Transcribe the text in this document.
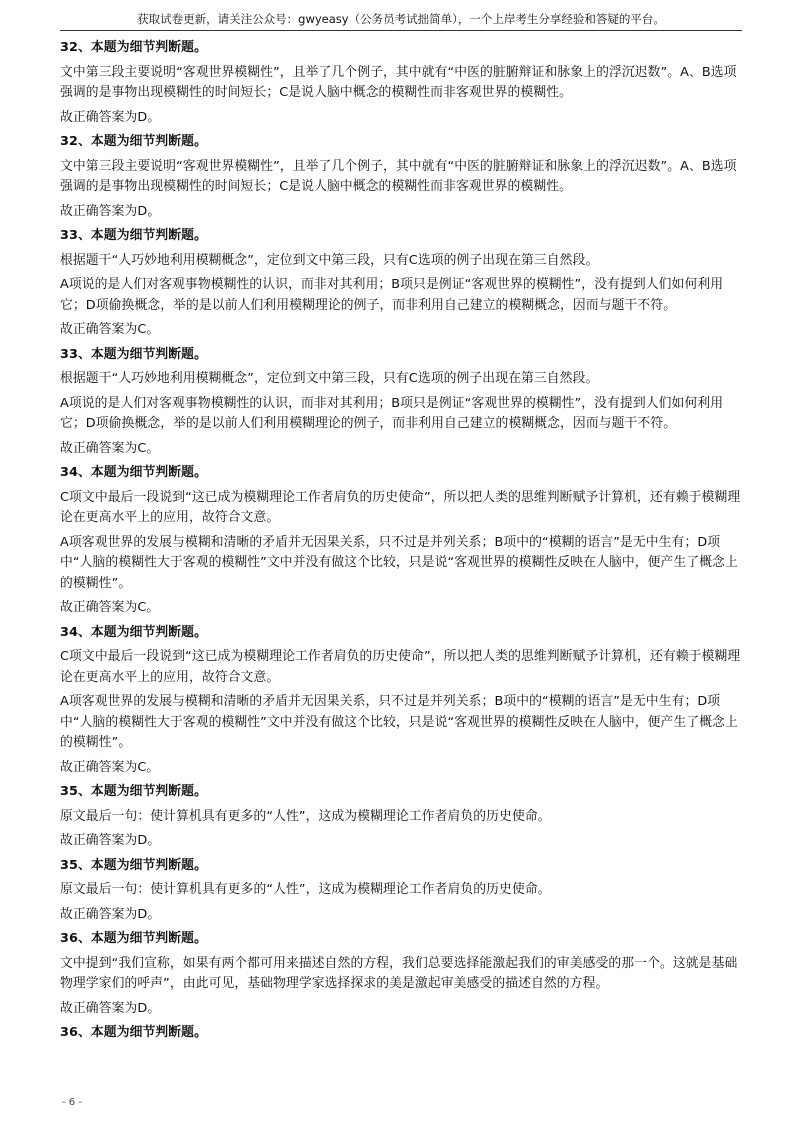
获取试卷更新，请关注公众号：gwyeasy（公务员考试拙简单），一个上岸考生分享经验和答疑的平台。

32、本题为细节判断题。

文中第三段主要说明“客观世界模糊性”，且举了几个例子，其中就有“中医的脏腑辩证和脉象上的浮沉迟数”。A、B选项强调的是事物出现模糊性的时间短长；C是说人脑中概念的模糊性而非客观世界的模糊性。

故正确答案为D。

32、本题为细节判断题。

文中第三段主要说明“客观世界模糊性”，且举了几个例子，其中就有“中医的脏腑辩证和脉象上的浮沉迟数”。A、B选项强调的是事物出现模糊性的时间短长；C是说人脑中概念的模糊性而非客观世界的模糊性。

故正确答案为D。

33、本题为细节判断题。

根据题干“人巧妙地利用模糊概念”，定位到文中第三段，只有C选项的例子出现在第三自然段。

A项说的是人们对客观事物模糊性的认识，而非对其利用；B项只是例证“客观世界的模糊性”，没有提到人们如何利用它；D项偷换概念，举的是以前人们利用模糊理论的例子，而非利用自己建立的模糊概念，因而与题干不符。

故正确答案为C。

33、本题为细节判断题。

根据题干“人巧妙地利用模糊概念”，定位到文中第三段，只有C选项的例子出现在第三自然段。

A项说的是人们对客观事物模糊性的认识，而非对其利用；B项只是例证“客观世界的模糊性”，没有提到人们如何利用它；D项偷换概念，举的是以前人们利用模糊理论的例子，而非利用自己建立的模糊概念，因而与题干不符。

故正确答案为C。

34、本题为细节判断题。

C项文中最后一段说到“这已成为模糊理论工作者肩负的历史使命”，所以把人类的思维判断赋予计算机，还有赖于模糊理论在更高水平上的应用，故符合文意。

A项客观世界的发展与模糊和清晰的矛盾并无因果关系，只不过是并列关系；B项中的“模糊的语言”是无中生有；D项中“人脑的模糊性大于客观的模糊性”文中并没有做这个比较，只是说“客观世界的模糊性反映在人脑中，便产生了概念上的模糊性”。

故正确答案为C。

34、本题为细节判断题。

C项文中最后一段说到“这已成为模糊理论工作者肩负的历史使命”，所以把人类的思维判断赋予计算机，还有赖于模糊理论在更高水平上的应用，故符合文意。

A项客观世界的发展与模糊和清晰的矛盾并无因果关系，只不过是并列关系；B项中的“模糊的语言”是无中生有；D项中“人脑的模糊性大于客观的模糊性”文中并没有做这个比较，只是说“客观世界的模糊性反映在人脑中，便产生了概念上的模糊性”。

故正确答案为C。

35、本题为细节判断题。

原文最后一句：使计算机具有更多的“人性”，这成为模糊理论工作者肩负的历史使命。

故正确答案为D。

35、本题为细节判断题。

原文最后一句：使计算机具有更多的“人性”，这成为模糊理论工作者肩负的历史使命。

故正确答案为D。

36、本题为细节判断题。

文中提到“我们宣称，如果有两个都可用来描述自然的方程，我们总要选择能激起我们的审美感受的那一个。这就是基础物理学家们的呼声”，由此可见，基础物理学家选择探求的美是激起审美感受的描述自然的方程。

故正确答案为D。

36、本题为细节判断题。

- 6 -
